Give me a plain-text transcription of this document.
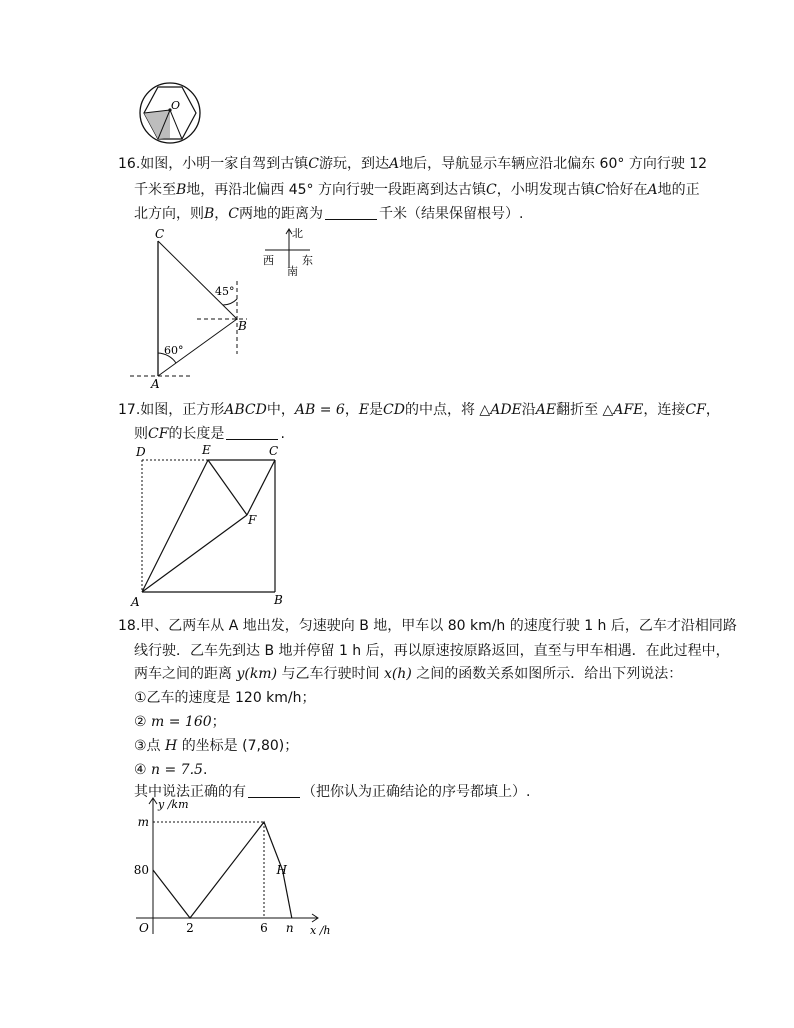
O
16.如图，小明一家自驾到古镇C游玩，到达A地后，导航显示车辆应沿北偏东 60° 方向行驶 12
千米至B地，再沿北偏西 45° 方向行驶一段距离到达古镇C，小明发现古镇C恰好在A地的正
北方向，则B，C两地的距离为	千米（结果保留根号）.
C
A
B
45°
60°
北
西	东
南
17.如图，正方形ABCD中，AB = 6，E是CD的中点，将 △ADE沿AE翻折至 △AFE，连接CF，
则CF的长度是	.
D	E	C
F
A	B
18.甲、乙两车从 A 地出发，匀速驶向 B 地，甲车以 80 km/h 的速度行驶 1 h 后，乙车才沿相同路
线行驶．乙车先到达 B 地并停留 1 h 后，再以原速按原路返回，直至与甲车相遇．在此过程中，
两车之间的距离 y(km) 与乙车行驶时间 x(h) 之间的函数关系如图所示．给出下列说法：
①乙车的速度是 120 km/h；
② m = 160；
③点 H 的坐标是 (7,80)；
④ n = 7.5.
其中说法正确的有	（把你认为正确结论的序号都填上）.
y /km
x /h
O	2	6 n
80
m
H
